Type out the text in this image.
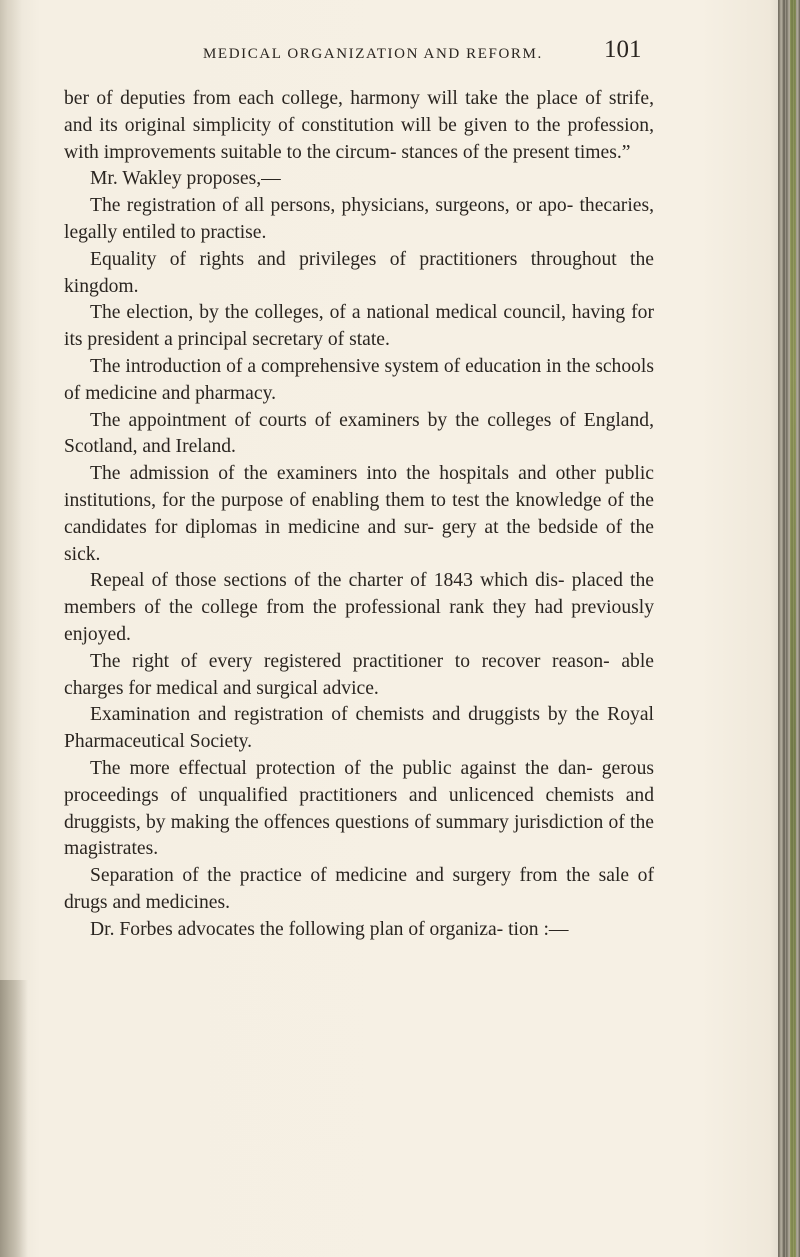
MEDICAL ORGANIZATION AND REFORM. 101

ber of deputies from each college, harmony will take the place of strife, and its original simplicity of constitution will be given to the profession, with improvements suitable to the circum- stances of the present times.”

Mr. Wakley proposes,—

The registration of all persons, physicians, surgeons, or apo- thecaries, legally entiled to practise.

Equality of rights and privileges of practitioners throughout the kingdom.

The election, by the colleges, of a national medical council, having for its president a principal secretary of state.

The introduction of a comprehensive system of education in the schools of medicine and pharmacy.

The appointment of courts of examiners by the colleges of England, Scotland, and Ireland.

The admission of the examiners into the hospitals and other public institutions, for the purpose of enabling them to test the knowledge of the candidates for diplomas in medicine and sur- gery at the bedside of the sick.

Repeal of those sections of the charter of 1843 which dis- placed the members of the college from the professional rank they had previously enjoyed.

The right of every registered practitioner to recover reason- able charges for medical and surgical advice.

Examination and registration of chemists and druggists by the Royal Pharmaceutical Society.

The more effectual protection of the public against the dan- gerous proceedings of unqualified practitioners and unlicenced chemists and druggists, by making the offences questions of summary jurisdiction of the magistrates.

Separation of the practice of medicine and surgery from the sale of drugs and medicines.

Dr. Forbes advocates the following plan of organiza- tion :—
